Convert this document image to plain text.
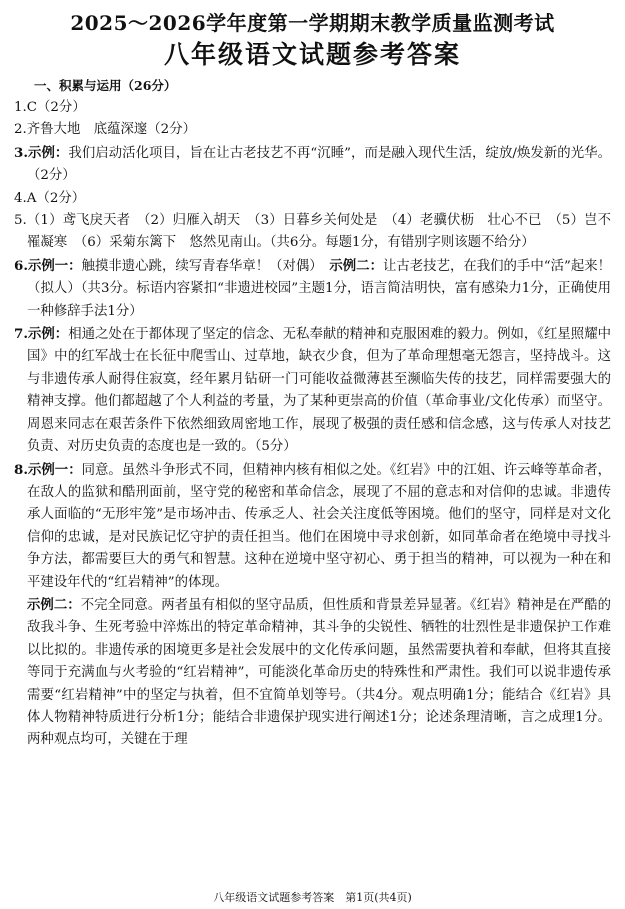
2025～2026学年度第一学期期末教学质量监测考试
八年级语文试题参考答案
一、积累与运用（26分）

1.C（2分）

2.齐鲁大地　底蕴深邃（2分）

3.示例：我们启动活化项目，旨在让古老技艺不再“沉睡”，而是融入现代生活，绽放/焕发新的光华。（2分）

4.A（2分）

5.（1）鸢飞戾天者　（2）归雁入胡天　（3）日暮乡关何处是　（4）老骥伏枥　壮心不已　（5）岂不罹凝寒　（6）采菊东篱下　悠然见南山。（共6分。每题1分，有错别字则该题不给分）

6.示例一：触摸非遗心跳，续写青春华章！（对偶）　示例二：让古老技艺，在我们的手中“活”起来！（拟人）（共3分。标语内容紧扣“非遗进校园”主题1分，语言简洁明快，富有感染力1分，正确使用一种修辞手法1分）

7.示例：相通之处在于都体现了坚定的信念、无私奉献的精神和克服困难的毅力。例如，《红星照耀中国》中的红军战士在长征中爬雪山、过草地，缺衣少食，但为了革命理想毫无怨言，坚持战斗。这与非遗传承人耐得住寂寞，经年累月钻研一门可能收益微薄甚至濒临失传的技艺，同样需要强大的精神支撑。他们都超越了个人利益的考量，为了某种更崇高的价值（革命事业/文化传承）而坚守。周恩来同志在艰苦条件下依然细致周密地工作，展现了极强的责任感和信念感，这与传承人对技艺负责、对历史负责的态度也是一致的。（5分）

8.示例一：同意。虽然斗争形式不同，但精神内核有相似之处。《红岩》中的江姐、许云峰等革命者，在敌人的监狱和酷刑面前，坚守党的秘密和革命信念，展现了不屈的意志和对信仰的忠诚。非遗传承人面临的“无形牢笼”是市场冲击、传承乏人、社会关注度低等困境。他们的坚守，同样是对文化信仰的忠诚，是对民族记忆守护的责任担当。他们在困境中寻求创新，如同革命者在绝境中寻找斗争方法，都需要巨大的勇气和智慧。这种在逆境中坚守初心、勇于担当的精神，可以视为一种在和平建设年代的“红岩精神”的体现。

示例二：不完全同意。两者虽有相似的坚守品质，但性质和背景差异显著。《红岩》精神是在严酷的敌我斗争、生死考验中淬炼出的特定革命精神，其斗争的尖锐性、牺牲的壮烈性是非遗保护工作难以比拟的。非遗传承的困境更多是社会发展中的文化传承问题，虽然需要执着和奉献，但将其直接等同于充满血与火考验的“红岩精神”，可能淡化革命历史的特殊性和严肃性。我们可以说非遗传承需要“红岩精神”中的坚定与执着，但不宜简单划等号。（共4分。观点明确1分；能结合《红岩》具体人物精神特质进行分析1分；能结合非遗保护现实进行阐述1分；论述条理清晰，言之成理1分。两种观点均可，关键在于理

八年级语文试题参考答案　第1页(共4页)
